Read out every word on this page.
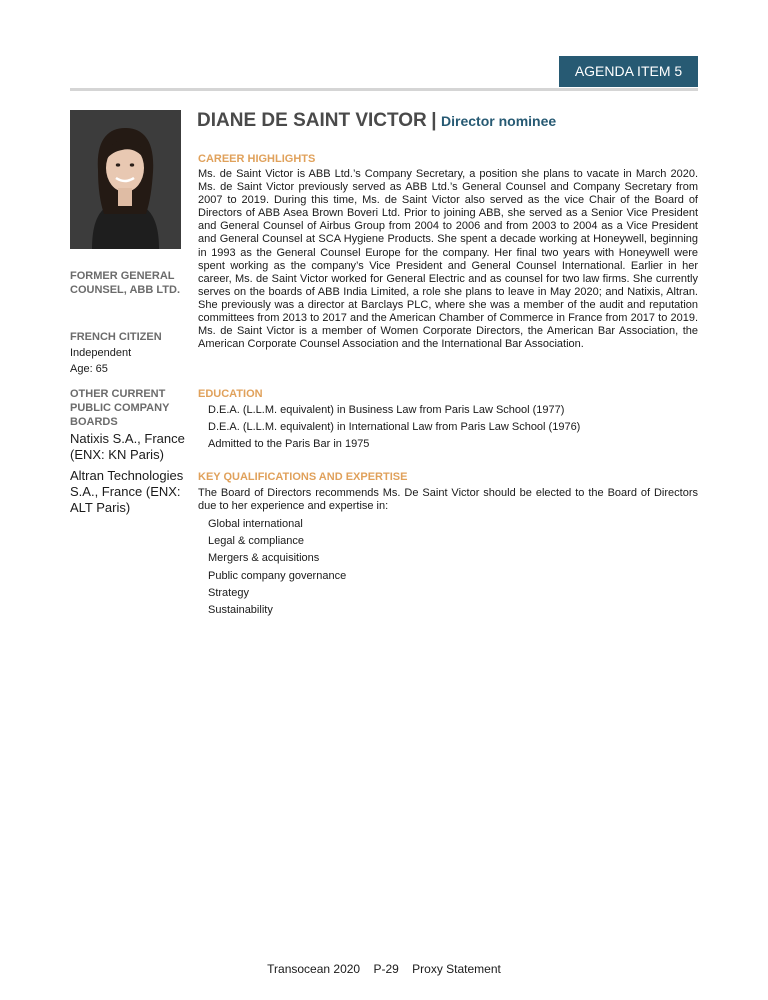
AGENDA ITEM 5
DIANE DE SAINT VICTOR | Director nominee

FORMER GENERAL COUNSEL, ABB LTD.

FRENCH CITIZEN

Independent

Age: 65

OTHER CURRENT PUBLIC COMPANY BOARDS

Natixis S.A., France (ENX: KN Paris)
Altran Technologies S.A., France (ENX: ALT Paris)

CAREER HIGHLIGHTS

Ms. de Saint Victor is ABB Ltd.’s Company Secretary, a position she plans to vacate in March 2020. Ms. de Saint Victor previously served as ABB Ltd.’s General Counsel and Company Secretary from 2007 to 2019. During this time, Ms. de Saint Victor also served as the vice Chair of the Board of Directors of ABB Asea Brown Boveri Ltd. Prior to joining ABB, she served as a Senior Vice President and General Counsel of Airbus Group from 2004 to 2006 and from 2003 to 2004 as a Vice President and General Counsel at SCA Hygiene Products. She spent a decade working at Honeywell, beginning in 1993 as the General Counsel Europe for the company. Her final two years with Honeywell were spent working as the company’s Vice President and General Counsel International. Earlier in her career, Ms. de Saint Victor worked for General Electric and as counsel for two law firms. She currently serves on the boards of ABB India Limited, a role she plans to leave in May 2020; and Natixis, Altran. She previously was a director at Barclays PLC, where she was a member of the audit and reputation committees from 2013 to 2017 and the American Chamber of Commerce in France from 2017 to 2019. Ms. de Saint Victor is a member of Women Corporate Directors, the American Bar Association, the American Corporate Counsel Association and the International Bar Association.

EDUCATION

D.E.A. (L.L.M. equivalent) in Business Law from Paris Law School (1977)
D.E.A. (L.L.M. equivalent) in International Law from Paris Law School (1976)
Admitted to the Paris Bar in 1975

KEY QUALIFICATIONS AND EXPERTISE

The Board of Directors recommends Ms. De Saint Victor should be elected to the Board of Directors due to her experience and expertise in:

Global international
Legal & compliance
Mergers & acquisitions
Public company governance
Strategy
Sustainability
Transocean 2020 P-29 Proxy Statement
